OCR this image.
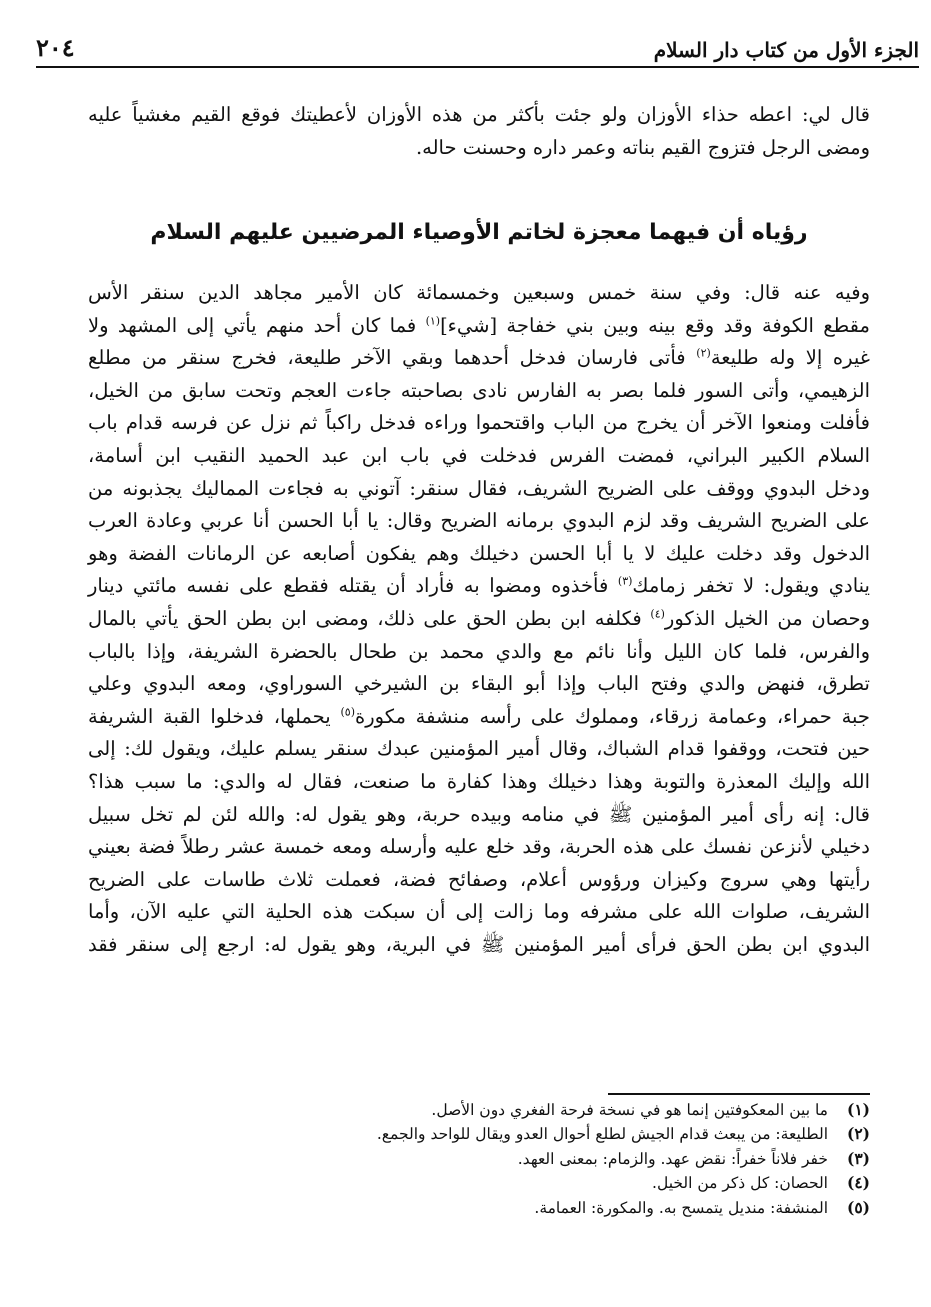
الجزء الأول من كتاب دار السلام
٢٠٤
قال لي: اعطه حذاء الأوزان ولو جئت بأكثر من هذه الأوزان لأعطيتك فوقع القيم مغشياً عليه
ومضى الرجل فتزوج القيم بناته وعمر داره وحسنت حاله.
رؤياه أن فيهما معجزة لخاتم الأوصياء المرضيين عليهم السلام
وفيه عنه قال: وفي سنة خمس وسبعين وخمسمائة كان الأمير مجاهد الدين سنقر الأس
مقطع الكوفة وقد وقع بينه وبين بني خفاجة [شيء]$^{(١)}$ فما كان أحد منهم يأتي إلى المشهد ولا
غيره إلا وله طليعة$^{(٢)}$ فأتى فارسان فدخل أحدهما وبقي الآخر طليعة، فخرج سنقر من مطلع
الزهيمي، وأتى السور فلما بصر به الفارس نادى بصاحبته جاءت العجم وتحت سابق من الخيل،
فأفلت ومنعوا الآخر أن يخرج من الباب واقتحموا وراءه فدخل راكباً ثم نزل عن فرسه قدام باب
السلام الكبير البراني، فمضت الفرس فدخلت في باب ابن عبد الحميد النقيب ابن أسامة،
ودخل البدوي ووقف على الضريح الشريف، فقال سنقر: آتوني به فجاءت المماليك يجذبونه من
على الضريح الشريف وقد لزم البدوي برمانه الضريح وقال: يا أبا الحسن أنا عربي وعادة العرب
الدخول وقد دخلت عليك لا يا أبا الحسن دخيلك وهم يفكون أصابعه عن الرمانات الفضة وهو
ينادي ويقول: لا تخفر زمامك$^{(٣)}$ فأخذوه ومضوا به فأراد أن يقتله فقطع على نفسه مائتي دينار
وحصان من الخيل الذكور$^{(٤)}$ فكلفه ابن بطن الحق على ذلك، ومضى ابن بطن الحق يأتي بالمال
والفرس، فلما كان الليل وأنا نائم مع والدي محمد بن طحال بالحضرة الشريفة، وإذا بالباب
تطرق، فنهض والدي وفتح الباب وإذا أبو البقاء بن الشيرخي السوراوي، ومعه البدوي وعلي
جبة حمراء، وعمامة زرقاء، ومملوك على رأسه منشفة مكورة$^{(٥)}$ يحملها، فدخلوا القبة الشريفة
حين فتحت، ووقفوا قدام الشباك، وقال أمير المؤمنين عبدك سنقر يسلم عليك، ويقول لك: إلى
الله وإليك المعذرة والتوبة وهذا دخيلك وهذا كفارة ما صنعت، فقال له والدي: ما سبب هذا؟
قال: إنه رأى أمير المؤمنين ﷺ في منامه وبيده حربة، وهو يقول له: والله لئن لم تخل سبيل
دخيلي لأنزعن نفسك على هذه الحربة، وقد خلع عليه وأرسله ومعه خمسة عشر رطلاً فضة بعيني
رأيتها وهي سروج وكيزان ورؤوس أعلام، وصفائح فضة، فعملت ثلاث طاسات على الضريح
الشريف، صلوات الله على مشرفه وما زالت إلى أن سبكت هذه الحلية التي عليه الآن، وأما
البدوي ابن بطن الحق فرأى أمير المؤمنين ﷺ في البرية، وهو يقول له: ارجع إلى سنقر فقد
(١)
ما بين المعكوفتين إنما هو في نسخة فرحة الفغري دون الأصل.
(٢)
الطليعة: من يبعث قدام الجيش لطلع أحوال العدو ويقال للواحد والجمع.
(٣)
خفر فلاناً خفراً: نقض عهد. والزمام: بمعنى العهد.
(٤)
الحصان: كل ذكر من الخيل.
(٥)
المنشفة: منديل يتمسح به. والمكورة: العمامة.
